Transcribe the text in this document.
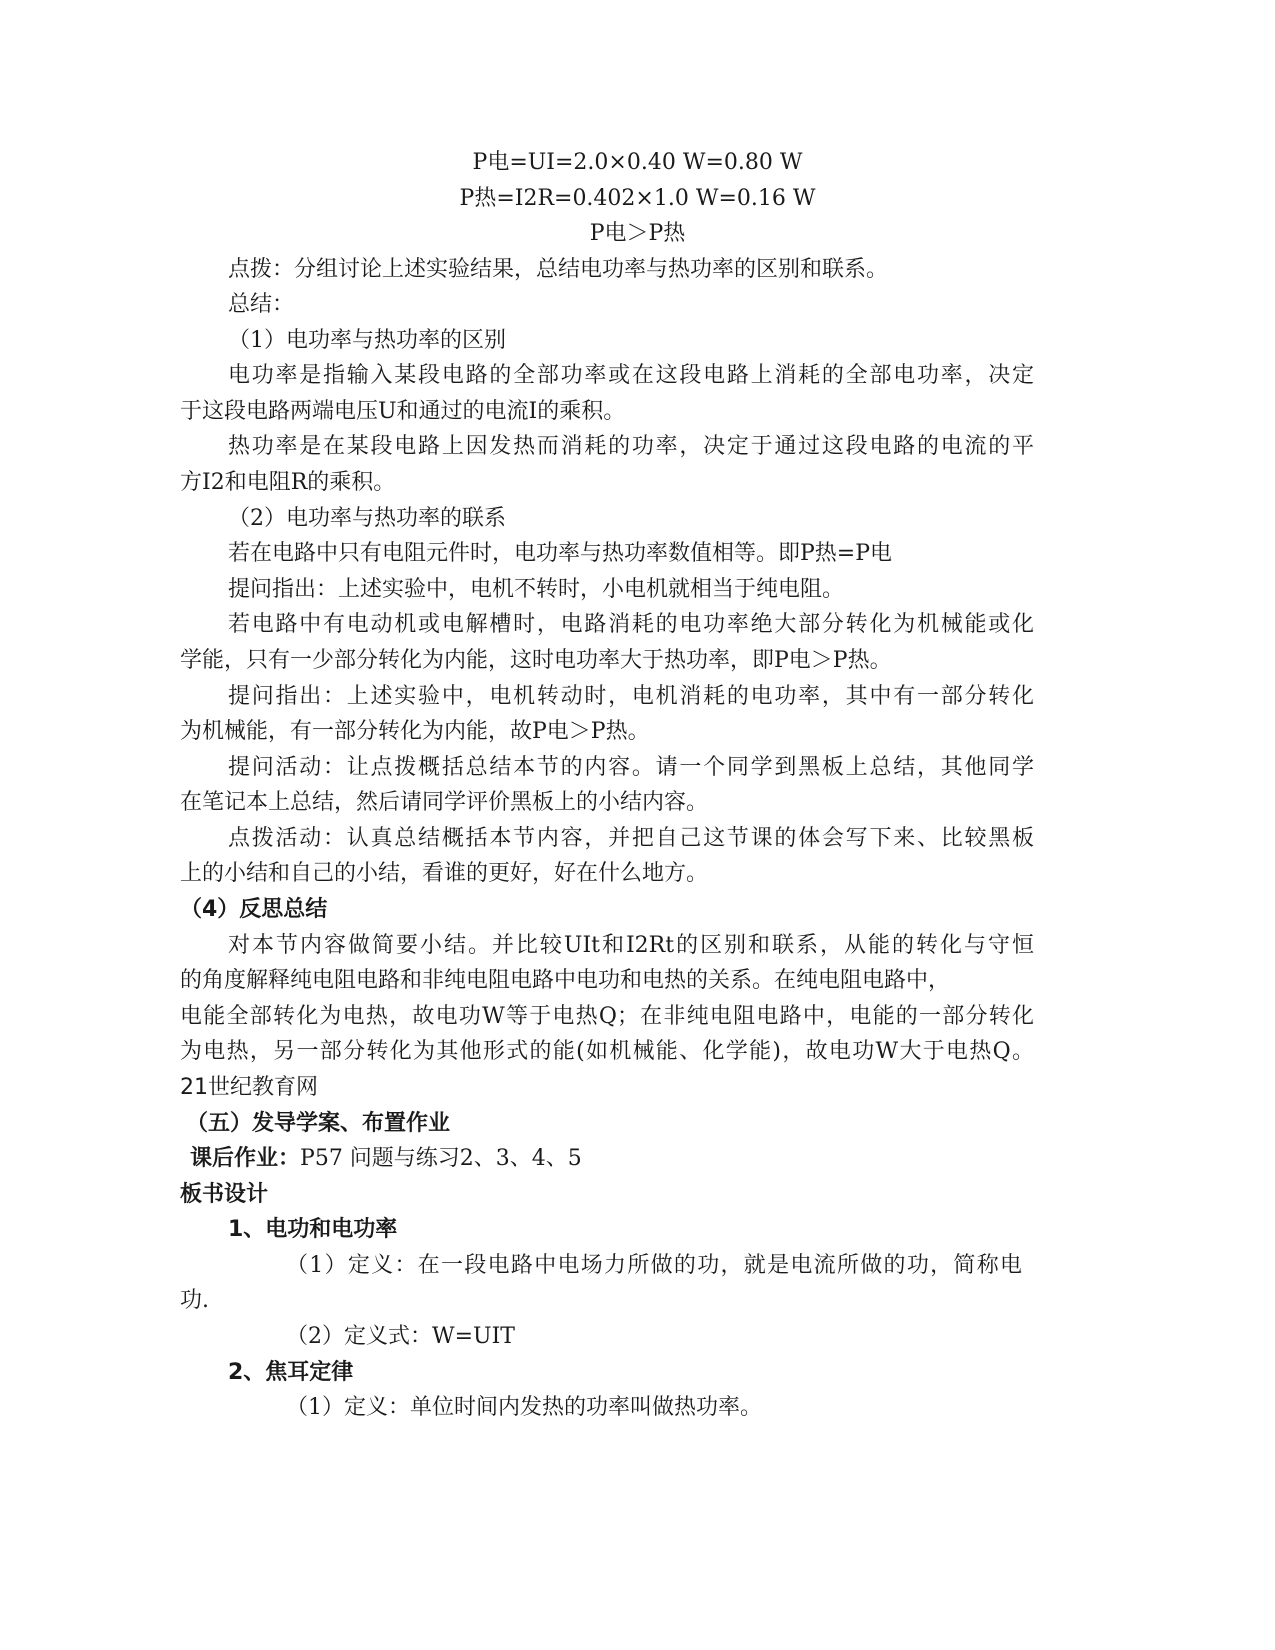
P电=UI=2.0×0.40 W=0.80 W
P热=I2R=0.402×1.0 W=0.16 W
P电＞P热
点拨：分组讨论上述实验结果，总结电功率与热功率的区别和联系。
总结：
（1）电功率与热功率的区别
电功率是指输入某段电路的全部功率或在这段电路上消耗的全部电功率，决定
于这段电路两端电压U和通过的电流I的乘积。
热功率是在某段电路上因发热而消耗的功率，决定于通过这段电路的电流的平
方I2和电阻R的乘积。
（2）电功率与热功率的联系
若在电路中只有电阻元件时，电功率与热功率数值相等。即P热=P电
提问指出：上述实验中，电机不转时，小电机就相当于纯电阻。
若电路中有电动机或电解槽时，电路消耗的电功率绝大部分转化为机械能或化
学能，只有一少部分转化为内能，这时电功率大于热功率，即P电＞P热。
提问指出：上述实验中，电机转动时，电机消耗的电功率，其中有一部分转化
为机械能，有一部分转化为内能，故P电＞P热。
提问活动：让点拨概括总结本节的内容。请一个同学到黑板上总结，其他同学
在笔记本上总结，然后请同学评价黑板上的小结内容。
点拨活动：认真总结概括本节内容，并把自己这节课的体会写下来、比较黑板
上的小结和自己的小结，看谁的更好，好在什么地方。
（4）反思总结
对本节内容做简要小结。并比较UIt和I2Rt的区别和联系，从能的转化与守恒
的角度解释纯电阻电路和非纯电阻电路中电功和电热的关系。在纯电阻电路中，
电能全部转化为电热，故电功W等于电热Q；在非纯电阻电路中，电能的一部分转化
为电热，另一部分转化为其他形式的能(如机械能、化学能)，故电功W大于电热Q。
21世纪教育网
（五）发导学案、布置作业
课后作业：P57 问题与练习2、3、4、5
板书设计
1、电功和电功率
（1）定义：在一段电路中电场力所做的功，就是电流所做的功，简称电
功.
（2）定义式：W=UIT
2、焦耳定律
（1）定义：单位时间内发热的功率叫做热功率。
